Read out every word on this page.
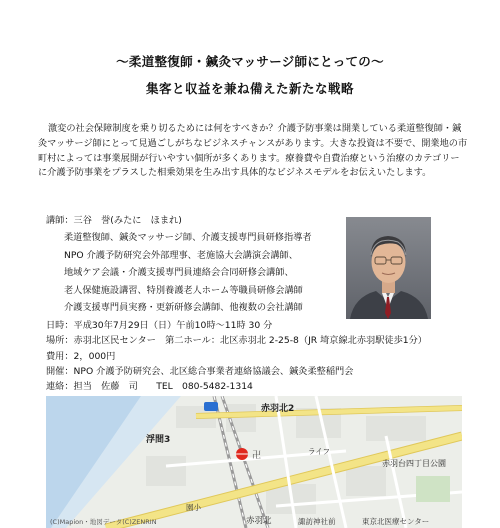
～柔道整復師・鍼灸マッサージ師にとっての～
集客と収益を兼ね備えた新たな戦略
激変の社会保障制度を乗り切るためには何をすべきか？介護予防事業は開業している柔道整復師・鍼灸マッサージ師にとって見過ごしがちなビジネスチャンスがあります。大きな投資は不要で、開業地の市町村によっては事業展開が行いやすい個所が多くあります。療養費や自費治療という治療のカテゴリーに介護予防事業をプラスした相乗効果を生み出す具体的なビジネスモデルをお伝えいたします。
講師：三谷　誉(みたに　ほまれ)
柔道整復師、鍼灸マッサージ師、介護支援専門員研修指導者
NPO 介護予防研究会外部理事、老施協大会講演会講師、
地域ケア会議・介護支援専門員連絡会合同研修会講師、
老人保健施設講習、特別養護老人ホーム等職員研修会講師
介護支援専門員実務・更新研修会講師、他複数の会社講師
日時：平成30年7月29日（日）午前10時～11時 30 分
場所：赤羽北区民センター　第二ホール：北区赤羽北 2-25-8（JR 埼京線北赤羽駅徒歩1分）
費用：2，000円
開催：NPO 介護予防研究会、北区総合事業者連絡協議会、鍼灸柔整稲門会
連絡：担当　佐藤　司　　TEL　080-5482-1314
卍
赤羽北2
浮間3
赤羽北
赤羽台四丁目公園
ライフ
園小
諏訪神社前	東京北医療センター
(C)Mapion・地図データ(C)ZENRIN
